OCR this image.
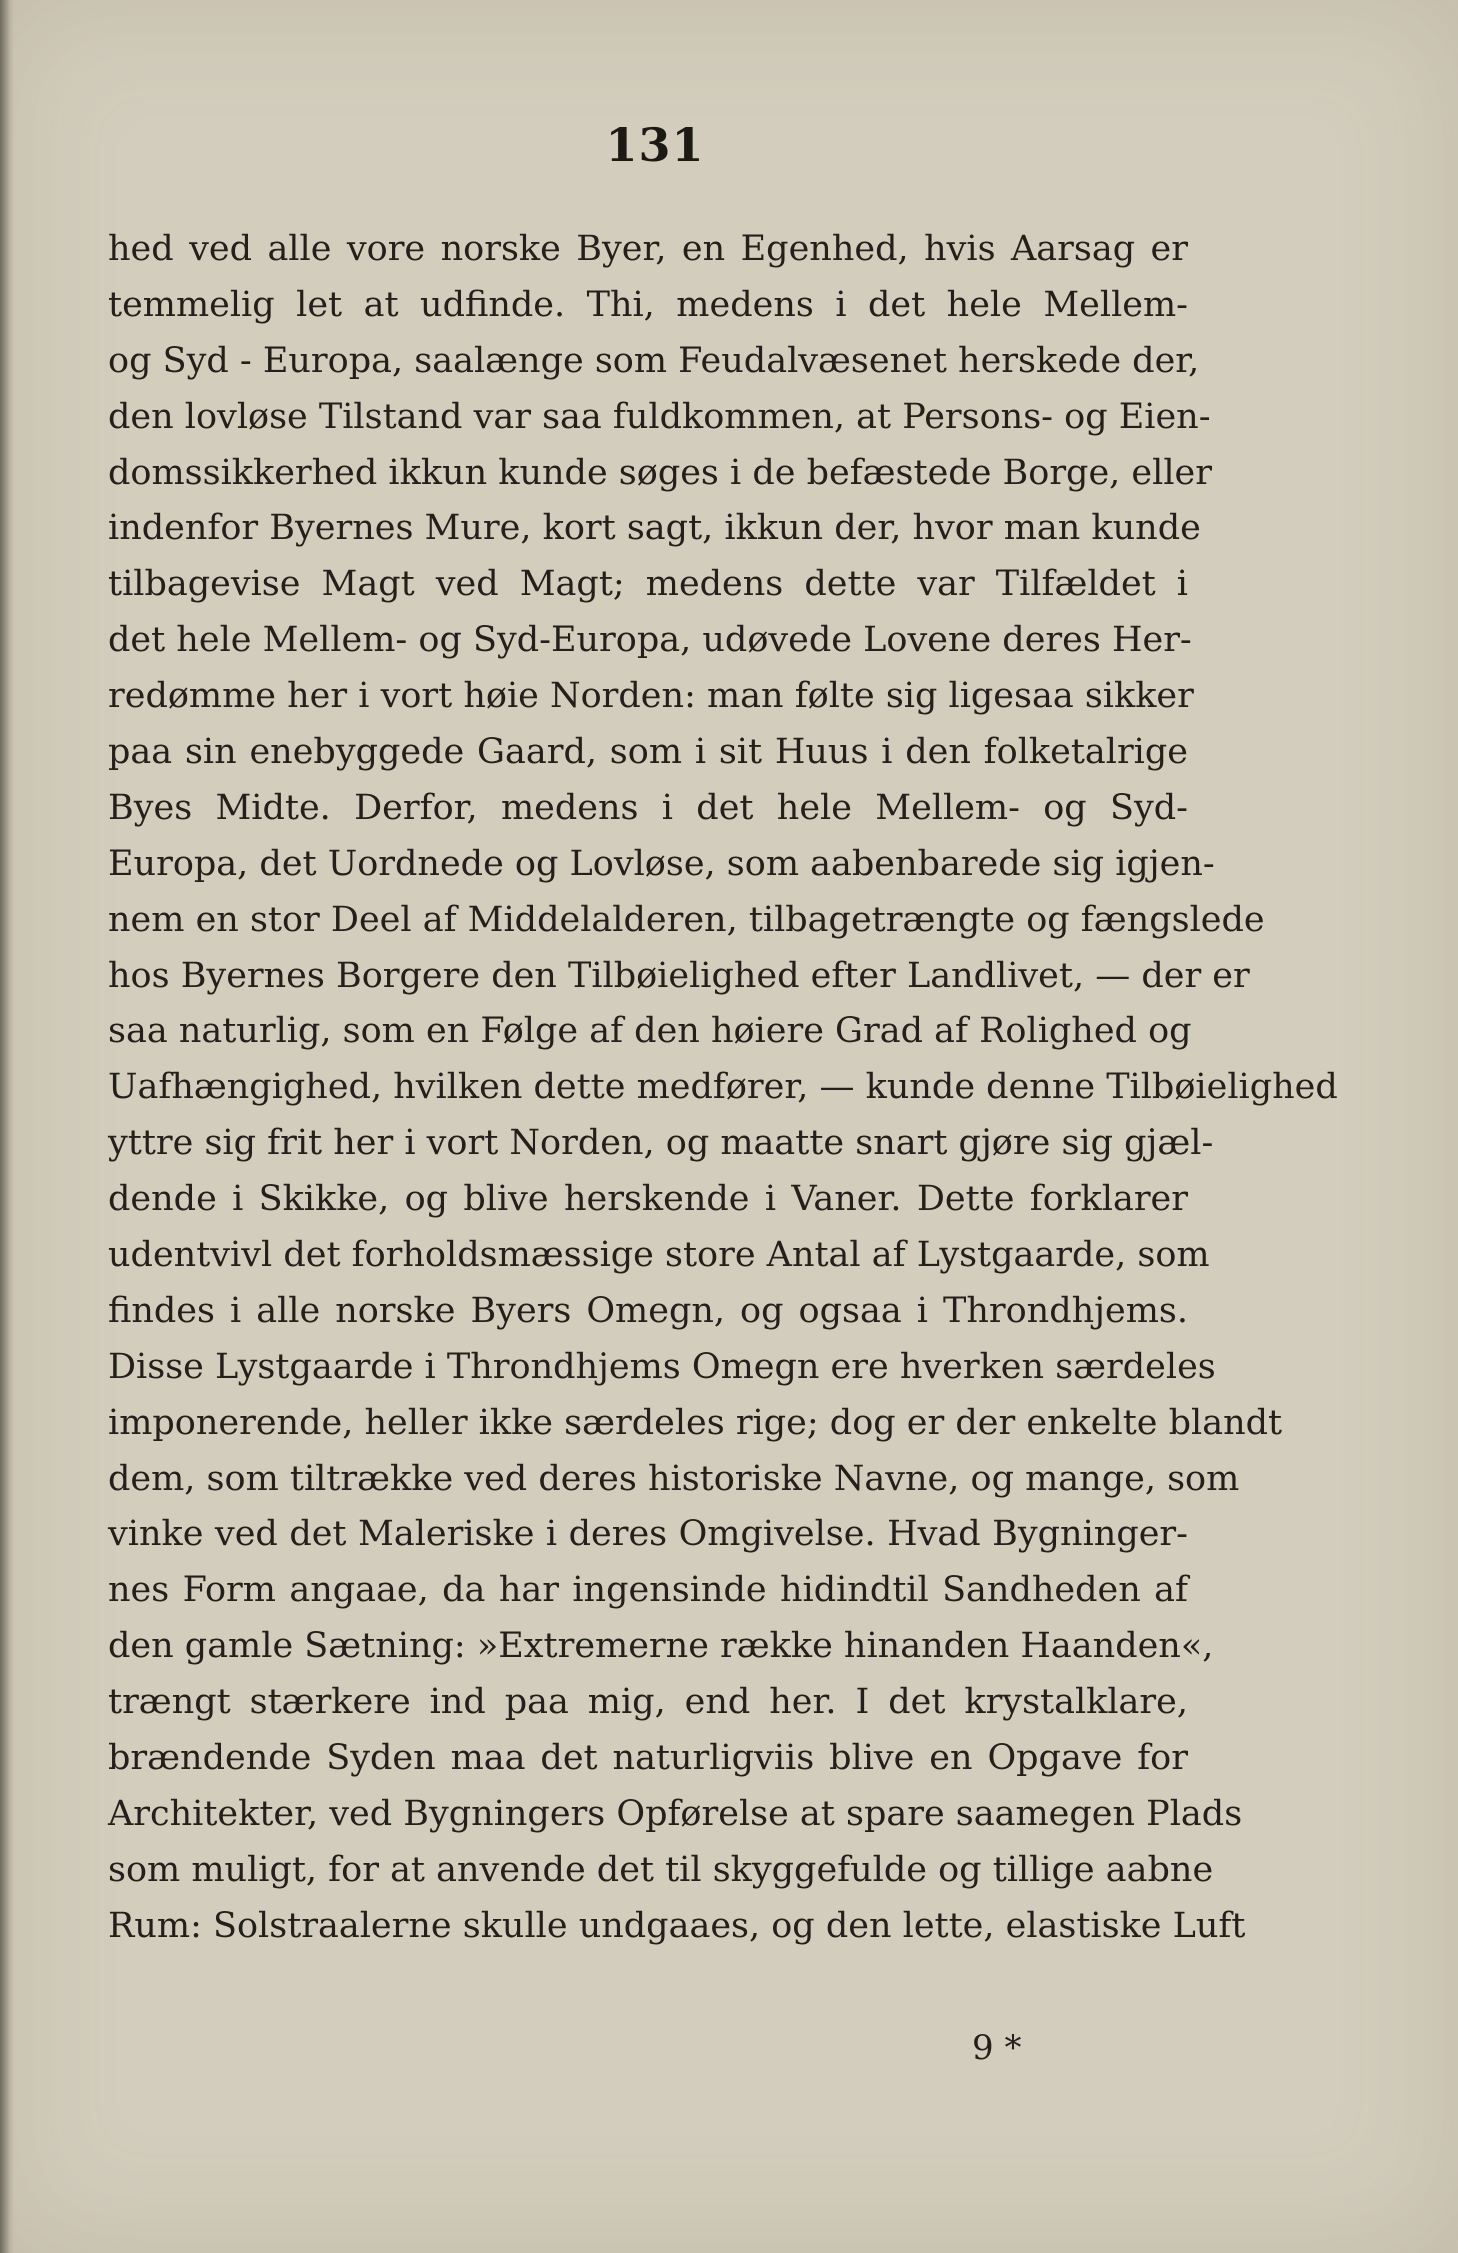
131
hed ved alle vore norske Byer, en Egenhed, hvis Aarsag er
temmelig let at udfinde. Thi, medens i det hele Mellem-
og Syd - Europa, saalænge som Feudalvæsenet herskede der,
den lovløse Tilstand var saa fuldkommen, at Persons- og Eien-
domssikkerhed ikkun kunde søges i de befæstede Borge, eller
indenfor Byernes Mure, kort sagt, ikkun der, hvor man kunde
tilbagevise Magt ved Magt; medens dette var Tilfældet i
det hele Mellem- og Syd-Europa, udøvede Lovene deres Her-
redømme her i vort høie Norden: man følte sig ligesaa sikker
paa sin enebyggede Gaard, som i sit Huus i den folketalrige
Byes Midte. Derfor, medens i det hele Mellem- og Syd-
Europa, det Uordnede og Lovløse, som aabenbarede sig igjen-
nem en stor Deel af Middelalderen, tilbagetrængte og fængslede
hos Byernes Borgere den Tilbøielighed efter Landlivet, — der er
saa naturlig, som en Følge af den høiere Grad af Rolighed og
Uafhængighed, hvilken dette medfører, — kunde denne Tilbøielighed
yttre sig frit her i vort Norden, og maatte snart gjøre sig gjæl-
dende i Skikke, og blive herskende i Vaner. Dette forklarer
udentvivl det forholdsmæssige store Antal af Lystgaarde, som
findes i alle norske Byers Omegn, og ogsaa i Throndhjems.
Disse Lystgaarde i Throndhjems Omegn ere hverken særdeles
imponerende, heller ikke særdeles rige; dog er der enkelte blandt
dem, som tiltrække ved deres historiske Navne, og mange, som
vinke ved det Maleriske i deres Omgivelse. Hvad Bygninger-
nes Form angaae, da har ingensinde hidindtil Sandheden af
den gamle Sætning: »Extremerne række hinanden Haanden«,
trængt stærkere ind paa mig, end her. I det krystalklare,
brændende Syden maa det naturligviis blive en Opgave for
Architekter, ved Bygningers Opførelse at spare saamegen Plads
som muligt, for at anvende det til skyggefulde og tillige aabne
Rum: Solstraalerne skulle undgaaes, og den lette, elastiske Luft
9 *
